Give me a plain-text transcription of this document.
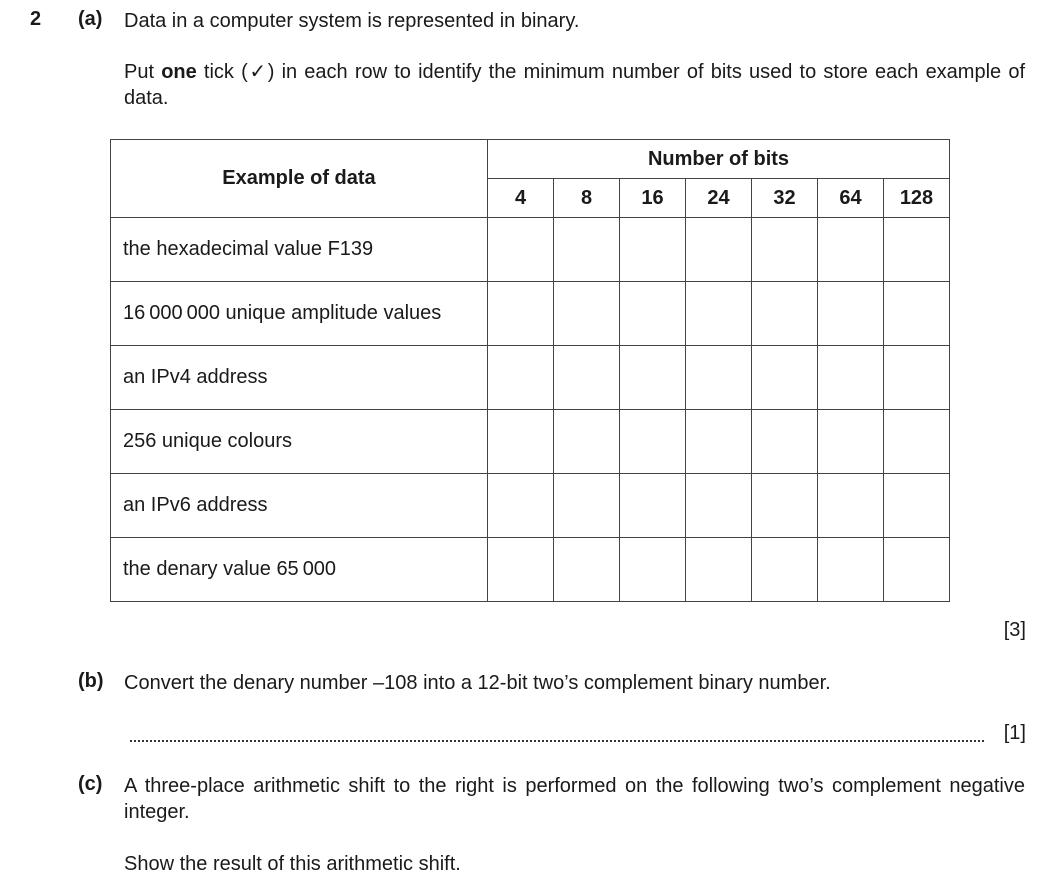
2 (a) Data in a computer system is represented in binary.
Put one tick (✓) in each row to identify the minimum number of bits used to store each example of data.
Example of data	Number of bits						
	4	8	16	24	32	64	128
the hexadecimal value F139							
16 000 000 unique amplitude values							
an IPv4 address							
256 unique colours							
an IPv6 address							
the denary value 65 000							
[3]
(b) Convert the denary number –108 into a 12-bit two’s complement binary number.
[1]
(c) A three-place arithmetic shift to the right is performed on the following two’s complement negative integer.
Show the result of this arithmetic shift.
